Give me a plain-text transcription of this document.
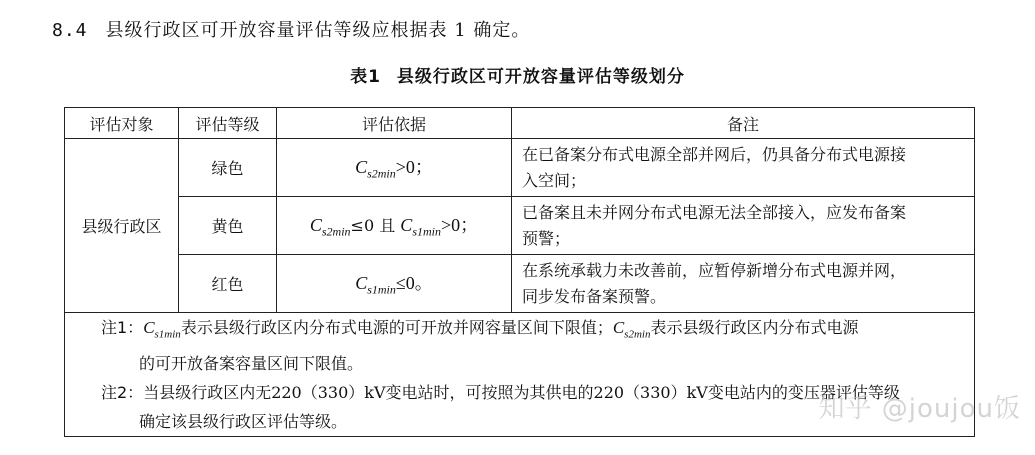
8.4 县级行政区可开放容量评估等级应根据表 1 确定。
表1 县级行政区可开放容量评估等级划分
评估对象	评估等级	评估依据	备注
县级行政区	绿色	$C_{s2min}>0$；	在已备案分布式电源全部并网后，仍具备分布式电源接
入空间；

	黄色	$C_{s2min}\le 0$ 且 $C_{s1min}>0$；	已备案且未并网分布式电源无法全部接入，应发布备案
预警；

	红色	$C_{s1min}\le 0$。	在系统承载力未改善前，应暂停新增分布式电源并网，
同步发布备案预警。

注1：$C_{s1min}$表示县级行政区内分布式电源的可开放并网容量区间下限值；$C_{s2min}$表示县级行政区内分布式电源
的可开放备案容量区间下限值。
注2：当县级行政区内无220（330）kV变电站时，可按照为其供电的220（330）kV变电站内的变压器评估等级
确定该县级行政区评估等级。				知乎 @joujou饭
